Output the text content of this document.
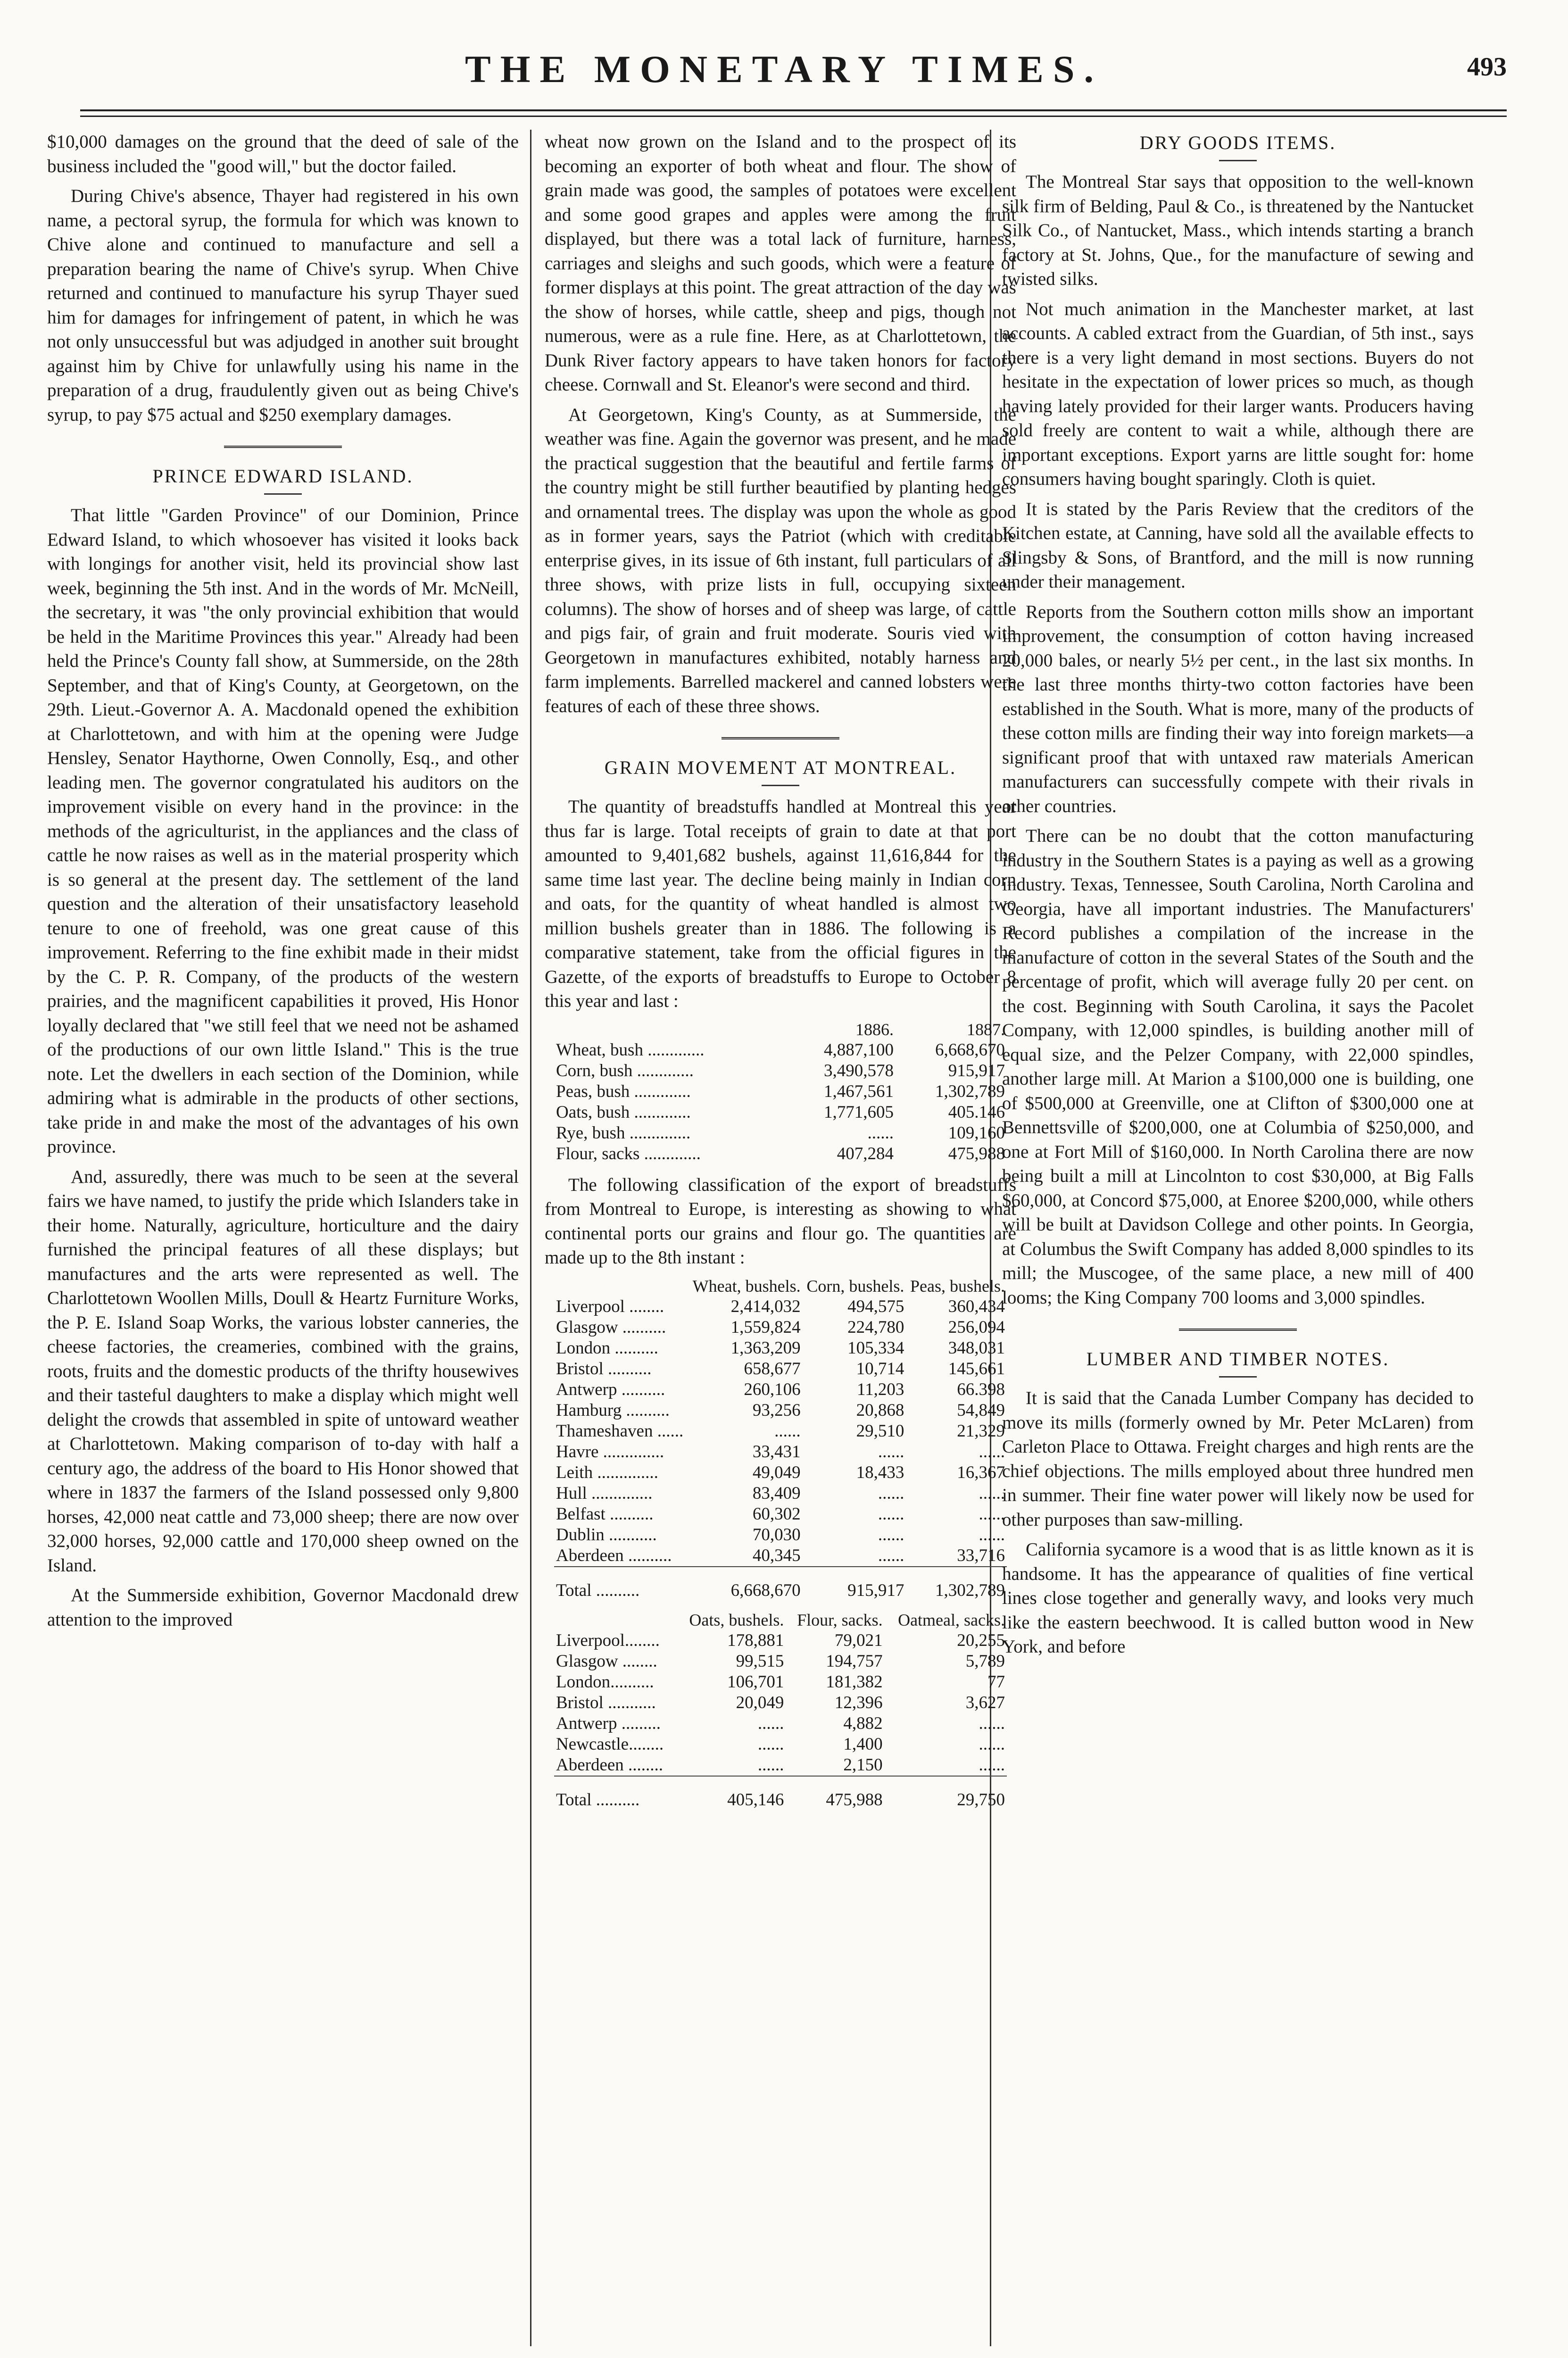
THE MONETARY TIMES.	493

$10,000 damages on the ground that the deed of sale of the business included the "good will," but the doctor failed.

During Chive's absence, Thayer had registered in his own name, a pectoral syrup, the formula for which was known to Chive alone and continued to manufacture and sell a preparation bearing the name of Chive's syrup. When Chive returned and continued to manufacture his syrup Thayer sued him for damages for infringement of patent, in which he was not only unsuccessful but was adjudged in another suit brought against him by Chive for unlawfully using his name in the preparation of a drug, fraudulently given out as being Chive's syrup, to pay $75 actual and $250 exemplary damages.

PRINCE EDWARD ISLAND.

That little "Garden Province" of our Dominion, Prince Edward Island, to which whosoever has visited it looks back with longings for another visit, held its provincial show last week, beginning the 5th inst. And in the words of Mr. McNeill, the secretary, it was "the only provincial exhibition that would be held in the Maritime Provinces this year." Already had been held the Prince's County fall show, at Summerside, on the 28th September, and that of King's County, at Georgetown, on the 29th. Lieut.-Governor A. A. Macdonald opened the exhibition at Charlottetown, and with him at the opening were Judge Hensley, Senator Haythorne, Owen Connolly, Esq., and other leading men. The governor congratulated his auditors on the improvement visible on every hand in the province: in the methods of the agriculturist, in the appliances and the class of cattle he now raises as well as in the material prosperity which is so general at the present day. The settlement of the land question and the alteration of their unsatisfactory leasehold tenure to one of freehold, was one great cause of this improvement. Referring to the fine exhibit made in their midst by the C. P. R. Company, of the products of the western prairies, and the magnificent capabilities it proved, His Honor loyally declared that "we still feel that we need not be ashamed of the productions of our own little Island." This is the true note. Let the dwellers in each section of the Dominion, while admiring what is admirable in the products of other sections, take pride in and make the most of the advantages of his own province.

And, assuredly, there was much to be seen at the several fairs we have named, to justify the pride which Islanders take in their home. Naturally, agriculture, horticulture and the dairy furnished the principal features of all these displays; but manufactures and the arts were represented as well. The Charlottetown Woollen Mills, Doull & Heartz Furniture Works, the P. E. Island Soap Works, the various lobster canneries, the cheese factories, the creameries, combined with the grains, roots, fruits and the domestic products of the thrifty housewives and their tasteful daughters to make a display which might well delight the crowds that assembled in spite of untoward weather at Charlottetown. Making comparison of to-day with half a century ago, the address of the board to His Honor showed that where in 1837 the farmers of the Island possessed only 9,800 horses, 42,000 neat cattle and 73,000 sheep; there are now over 32,000 horses, 92,000 cattle and 170,000 sheep owned on the Island.

At the Summerside exhibition, Governor Macdonald drew attention to the improved

wheat now grown on the Island and to the prospect of its becoming an exporter of both wheat and flour. The show of grain made was good, the samples of potatoes were excellent and some good grapes and apples were among the fruit displayed, but there was a total lack of furniture, harness, carriages and sleighs and such goods, which were a feature of former displays at this point. The great attraction of the day was the show of horses, while cattle, sheep and pigs, though not numerous, were as a rule fine. Here, as at Charlottetown, the Dunk River factory appears to have taken honors for factory cheese. Cornwall and St. Eleanor's were second and third.

At Georgetown, King's County, as at Summerside, the weather was fine. Again the governor was present, and he made the practical suggestion that the beautiful and fertile farms of the country might be still further beautified by planting hedges and ornamental trees. The display was upon the whole as good as in former years, says the Patriot (which with creditable enterprise gives, in its issue of 6th instant, full particulars of all three shows, with prize lists in full, occupying sixteen columns). The show of horses and of sheep was large, of cattle and pigs fair, of grain and fruit moderate. Souris vied with Georgetown in manufactures exhibited, notably harness and farm implements. Barrelled mackerel and canned lobsters were features of each of these three shows.

GRAIN MOVEMENT AT MONTREAL.

The quantity of breadstuffs handled at Montreal this year thus far is large. Total receipts of grain to date at that port amounted to 9,401,682 bushels, against 11,616,844 for the same time last year. The decline being mainly in Indian corn and oats, for the quantity of wheat handled is almost two million bushels greater than in 1886. The following is a comparative statement, take from the official figures in the Gazette, of the exports of breadstuffs to Europe to October 8 this year and last :

	1886.	1887.
Wheat, bush .............	4,887,100	6,668,670
Corn, bush .............	3,490,578	915,917
Peas, bush .............	1,467,561	1,302,789
Oats, bush .............	1,771,605	405.146
Rye, bush ..............	......	109,160
Flour, sacks .............	407,284	475,988

The following classification of the export of breadstuffs from Montreal to Europe, is interesting as showing to what continental ports our grains and flour go. The quantities are made up to the 8th instant :

	Wheat, bushels.	Corn, bushels.	Peas, bushels.
Liverpool ........	2,414,032	494,575	360,434
Glasgow ..........	1,559,824	224,780	256,094
London ..........	1,363,209	105,334	348,031
Bristol ..........	658,677	10,714	145,661
Antwerp ..........	260,106	11,203	66.398
Hamburg ..........	93,256	20,868	54,849
Thameshaven ......	......	29,510	21,329
Havre ..............	33,431	......	......
Leith ..............	49,049	18,433	16,367
Hull ..............	83,409	......	......
Belfast ..........	60,302	......	......
Dublin ...........	70,030	......	......
Aberdeen ..........	40,345	......	33,716

Total ..........	6,668,670	915,917	1,302,789
	Oats, bushels.	Flour, sacks.	Oatmeal, sacks.
Liverpool........	178,881	79,021	20,255
Glasgow ........	99,515	194,757	5,789
London..........	106,701	181,382	77
Bristol ...........	20,049	12,396	3,627
Antwerp .........	......	4,882	......
Newcastle........	......	1,400	......
Aberdeen ........	......	2,150	......

Total ..........	405,146	475,988	29,750
DRY GOODS ITEMS.

The Montreal Star says that opposition to the well-known silk firm of Belding, Paul & Co., is threatened by the Nantucket Silk Co., of Nantucket, Mass., which intends starting a branch factory at St. Johns, Que., for the manufacture of sewing and twisted silks.

Not much animation in the Manchester market, at last accounts. A cabled extract from the Guardian, of 5th inst., says there is a very light demand in most sections. Buyers do not hesitate in the expectation of lower prices so much, as though having lately provided for their larger wants. Producers having sold freely are content to wait a while, although there are important exceptions. Export yarns are little sought for: home consumers having bought sparingly. Cloth is quiet.

It is stated by the Paris Review that the creditors of the Kitchen estate, at Canning, have sold all the available effects to Slingsby & Sons, of Brantford, and the mill is now running under their management.

Reports from the Southern cotton mills show an important improvement, the consumption of cotton having increased 20,000 bales, or nearly 5½ per cent., in the last six months. In the last three months thirty-two cotton factories have been established in the South. What is more, many of the products of these cotton mills are finding their way into foreign markets—a significant proof that with untaxed raw materials American manufacturers can successfully compete with their rivals in other countries.

There can be no doubt that the cotton manufacturing industry in the Southern States is a paying as well as a growing industry. Texas, Tennessee, South Carolina, North Carolina and Georgia, have all important industries. The Manufacturers' Record publishes a compilation of the increase in the manufacture of cotton in the several States of the South and the percentage of profit, which will average fully 20 per cent. on the cost. Beginning with South Carolina, it says the Pacolet Company, with 12,000 spindles, is building another mill of equal size, and the Pelzer Company, with 22,000 spindles, another large mill. At Marion a $100,000 one is building, one of $500,000 at Greenville, one at Clifton of $300,000 one at Bennettsville of $200,000, one at Columbia of $250,000, and one at Fort Mill of $160,000. In North Carolina there are now being built a mill at Lincolnton to cost $30,000, at Big Falls $60,000, at Concord $75,000, at Enoree $200,000, while others will be built at Davidson College and other points. In Georgia, at Columbus the Swift Company has added 8,000 spindles to its mill; the Muscogee, of the same place, a new mill of 400 looms; the King Company 700 looms and 3,000 spindles.

LUMBER AND TIMBER NOTES.

It is said that the Canada Lumber Company has decided to move its mills (formerly owned by Mr. Peter McLaren) from Carleton Place to Ottawa. Freight charges and high rents are the chief objections. The mills employed about three hundred men in summer. Their fine water power will likely now be used for other purposes than saw-milling.

California sycamore is a wood that is as little known as it is handsome. It has the appearance of qualities of fine vertical lines close together and generally wavy, and looks very much like the eastern beechwood. It is called button wood in New York, and before
